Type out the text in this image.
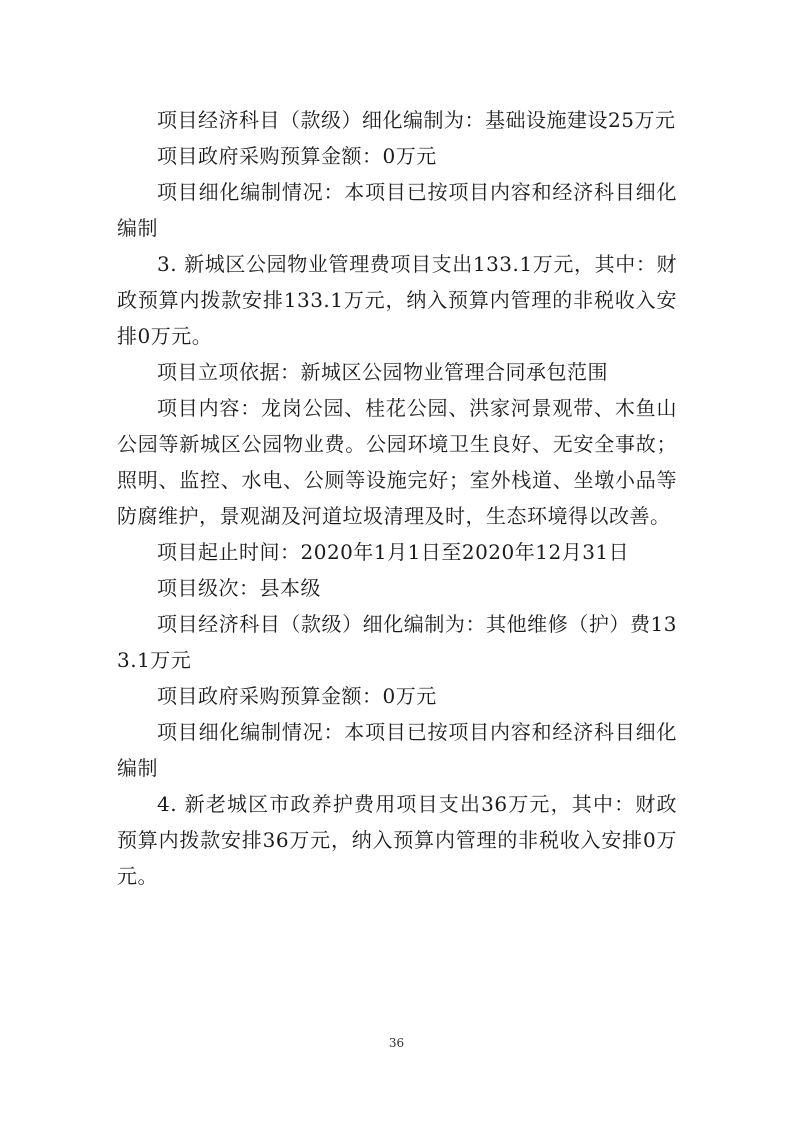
项目经济科目（款级）细化编制为：基础设施建设25万元

项目政府采购预算金额：0万元

项目细化编制情况：本项目已按项目内容和经济科目细化编制

3. 新城区公园物业管理费项目支出133.1万元，其中：财政预算内拨款安排133.1万元，纳入预算内管理的非税收入安排0万元。

项目立项依据：新城区公园物业管理合同承包范围

项目内容：龙岗公园、桂花公园、洪家河景观带、木鱼山公园等新城区公园物业费。公园环境卫生良好、无安全事故；照明、监控、水电、公厕等设施完好；室外栈道、坐墩小品等防腐维护，景观湖及河道垃圾清理及时，生态环境得以改善。

项目起止时间：2020年1月1日至2020年12月31日

项目级次：县本级

项目经济科目（款级）细化编制为：其他维修（护）费133.1万元

项目政府采购预算金额：0万元

项目细化编制情况：本项目已按项目内容和经济科目细化编制

4. 新老城区市政养护费用项目支出36万元，其中：财政预算内拨款安排36万元，纳入预算内管理的非税收入安排0万元。

36
